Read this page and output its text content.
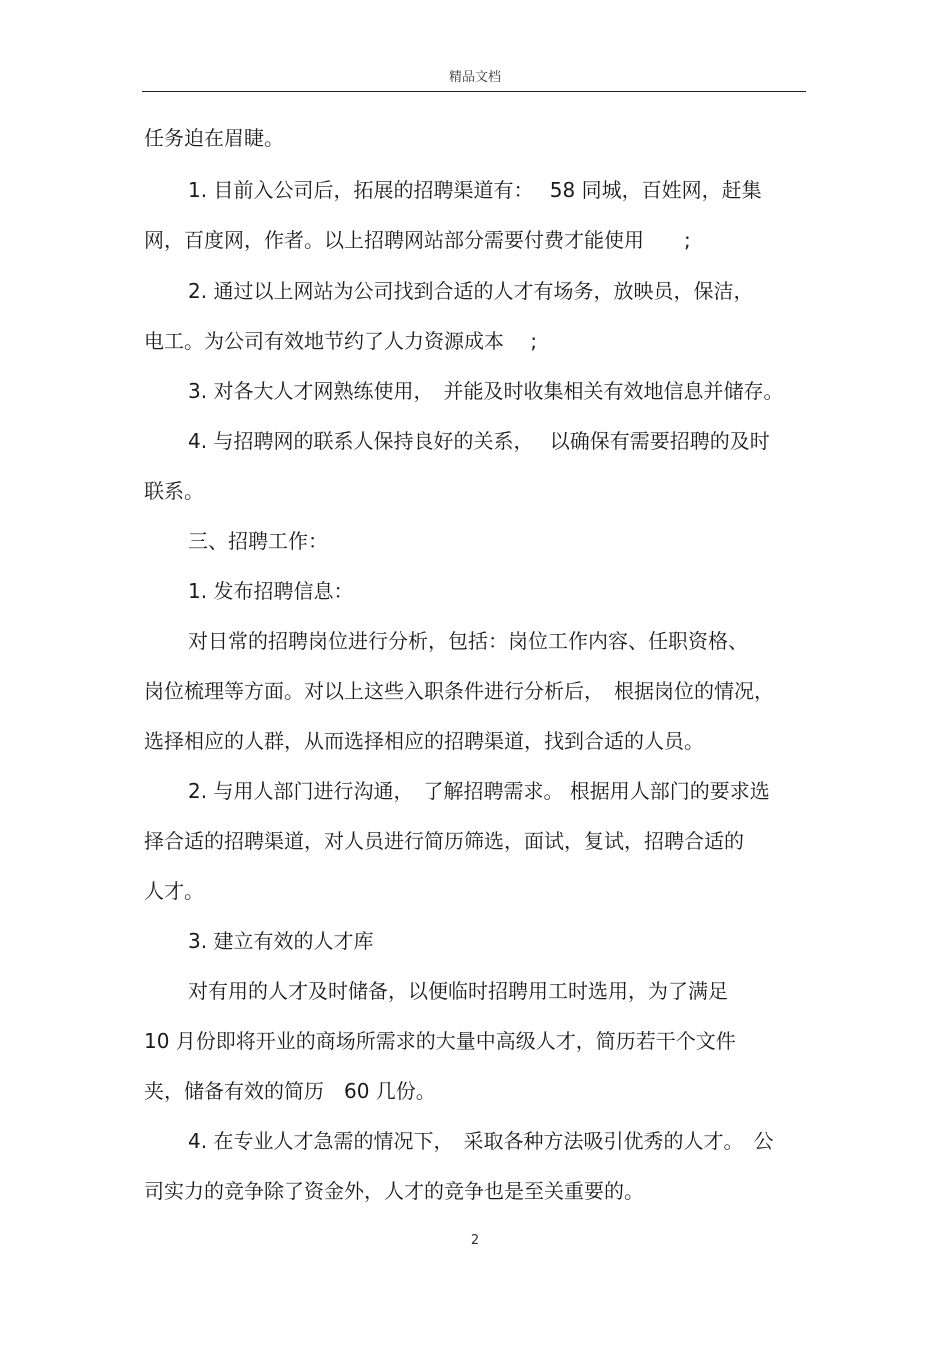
精品文档
任务迫在眉睫。
1. 目前入公司后，拓展的招聘渠道有：　 58 同城，百姓网，赶集
网，百度网，作者。以上招聘网站部分需要付费才能使用　　;
2. 通过以上网站为公司找到合适的人才有场务，放映员，保洁，
电工。为公司有效地节约了人力资源成本　 ;
3. 对各大人才网熟练使用，　并能及时收集相关有效地信息并储存。
4. 与招聘网的联系人保持良好的关系，　 以确保有需要招聘的及时
联系。
三、招聘工作：
1. 发布招聘信息：
对日常的招聘岗位进行分析，包括：岗位工作内容、任职资格、
岗位梳理等方面。对以上这些入职条件进行分析后，　根据岗位的情况，
选择相应的人群，从而选择相应的招聘渠道，找到合适的人员。
2. 与用人部门进行沟通，　了解招聘需求。 根据用人部门的要求选
择合适的招聘渠道，对人员进行简历筛选，面试，复试，招聘合适的
人才。
3. 建立有效的人才库
对有用的人才及时储备，以便临时招聘用工时选用，为了满足
10 月份即将开业的商场所需求的大量中高级人才，简历若干个文件
夹，储备有效的简历　60 几份。
4. 在专业人才急需的情况下，　采取各种方法吸引优秀的人才。　公
司实力的竞争除了资金外，人才的竞争也是至关重要的。
2
